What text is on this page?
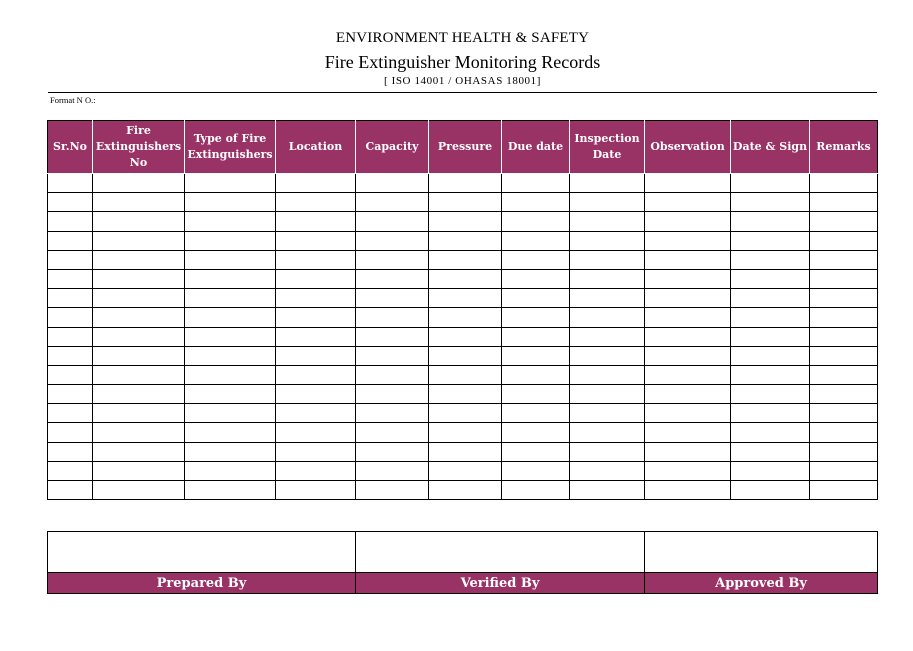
ENVIRONMENT HEALTH & SAFETY
Fire Extinguisher Monitoring Records
[ ISO 14001 / OHASAS 18001]
Format N O.:
Sr.No	Fire Extinguishers No	Type of Fire Extinguishers	Location	Capacity	Pressure	Due date	Inspection Date	Observation	Date & Sign	Remarks

Prepared By	Verified By	Approved By
